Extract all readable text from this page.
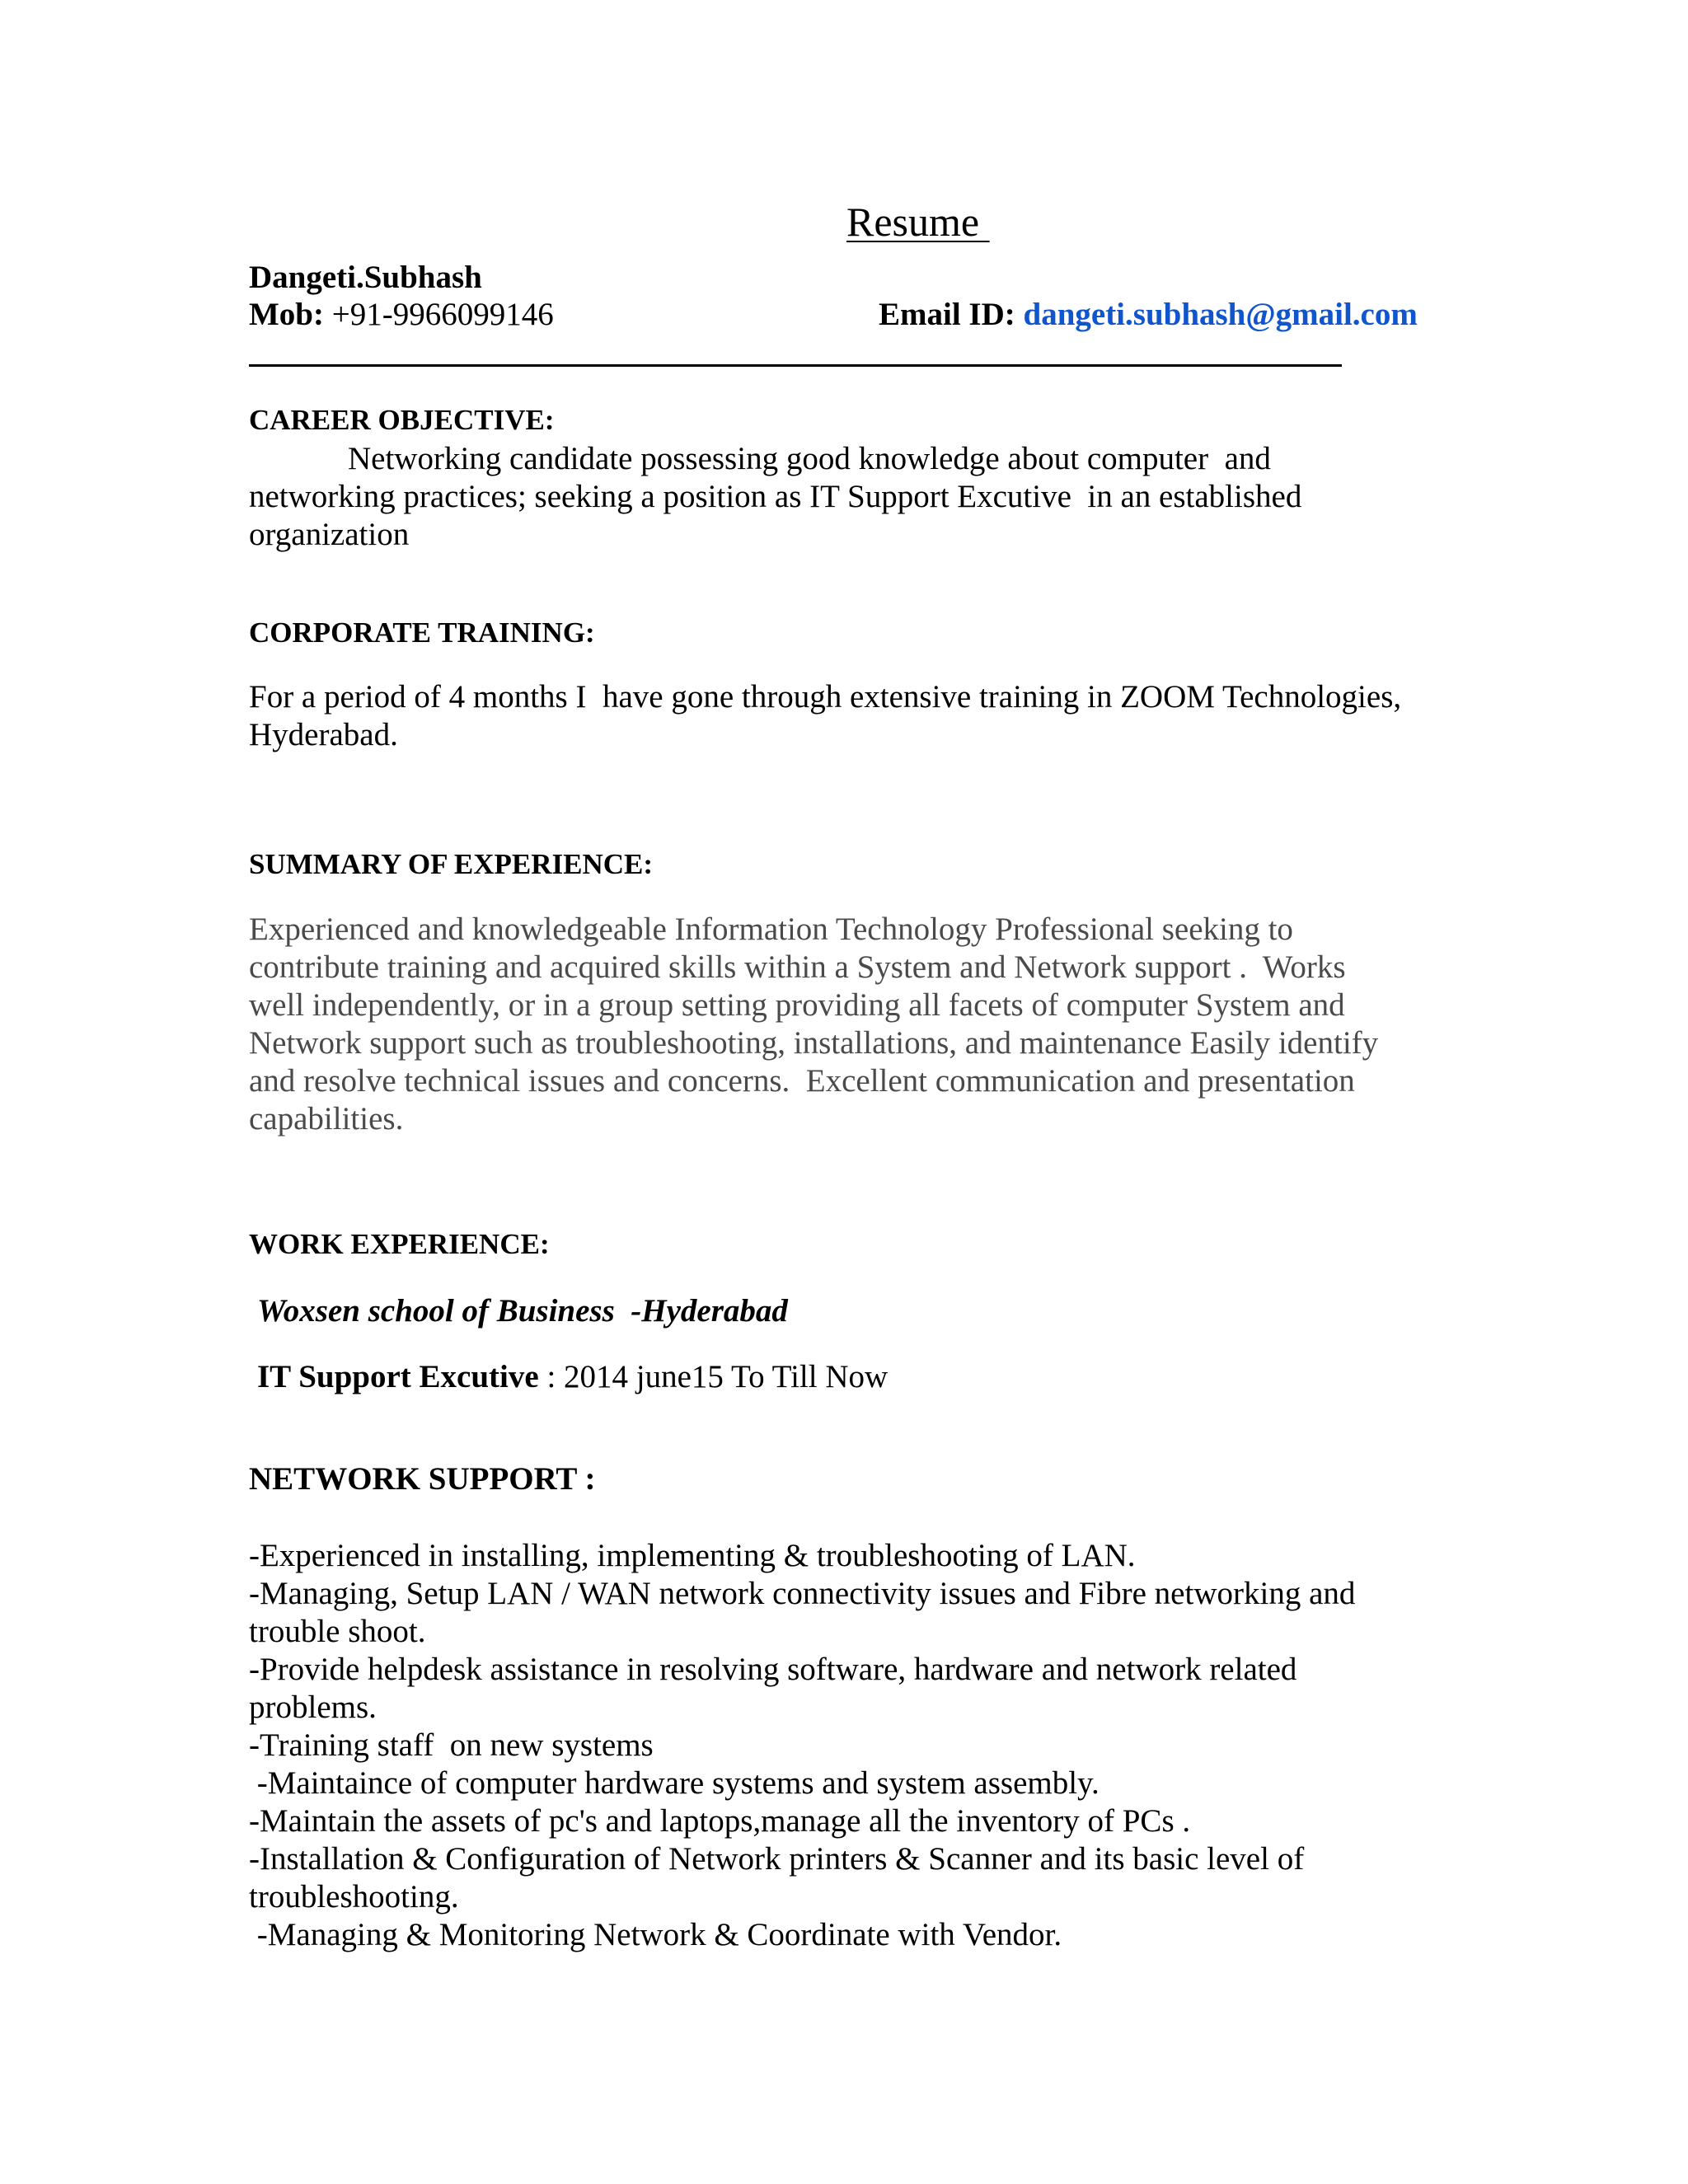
Resume
Dangeti.Subhash
Mob: +91-9966099146	Email ID: dangeti.subhash@gmail.com
CAREER OBJECTIVE:
Networking candidate possessing good knowledge about computer  and
networking practices; seeking a position as IT Support Excutive  in an established
organization
CORPORATE TRAINING:
For a period of 4 months I  have gone through extensive training in ZOOM Technologies,
Hyderabad.
SUMMARY OF EXPERIENCE:
Experienced and knowledgeable Information Technology Professional seeking to
contribute training and acquired skills within a System and Network support .  Works
well independently, or in a group setting providing all facets of computer System and
Network support such as troubleshooting, installations, and maintenance Easily identify
and resolve technical issues and concerns.  Excellent communication and presentation
capabilities.
WORK EXPERIENCE:
Woxsen school of Business  -Hyderabad
IT Support Excutive : 2014 june15 To Till Now
NETWORK SUPPORT :
-Experienced in installing, implementing & troubleshooting of LAN.
-Managing, Setup LAN / WAN network connectivity issues and Fibre networking and
trouble shoot.
-Provide helpdesk assistance in resolving software, hardware and network related
problems.
-Training staff  on new systems
-Maintaince of computer hardware systems and system assembly.
-Maintain the assets of pc's and laptops,manage all the inventory of PCs .
-Installation & Configuration of Network printers & Scanner and its basic level of
troubleshooting.
-Managing & Monitoring Network & Coordinate with Vendor.
